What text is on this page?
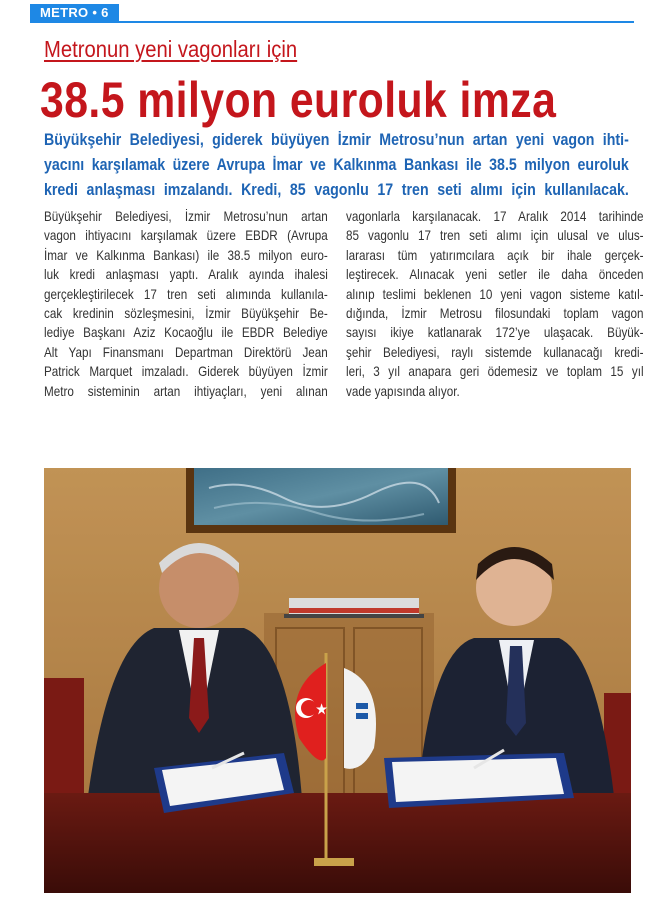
METRO • 6
Metronun yeni vagonları için
38.5 milyon euroluk imza
Büyükşehir Belediyesi, giderek büyüyen İzmir Metrosu’nun artan yeni vagon ihti-
yacını karşılamak üzere Avrupa İmar ve Kalkınma Bankası ile 38.5 milyon euroluk
kredi anlaşması imzalandı. Kredi, 85 vagonlu 17 tren seti alımı için kullanılacak.
Büyükşehir Belediyesi, İzmir Metrosu’nun artan
vagon ihtiyacını karşılamak üzere EBDR (Avrupa
İmar ve Kalkınma Bankası) ile 38.5 milyon euro-
luk kredi anlaşması yaptı. Aralık ayında ihalesi
gerçekleştirilecek 17 tren seti alımında kullanıla-
cak kredinin sözleşmesini, İzmir Büyükşehir Be-
lediye Başkanı Aziz Kocaoğlu ile EBDR Belediye
Alt Yapı Finansmanı Departman Direktörü Jean
Patrick Marquet imzaladı. Giderek büyüyen İzmir
Metro sisteminin artan ihtiyaçları, yeni alınan
vagonlarla karşılanacak. 17 Aralık 2014 tarihinde
85 vagonlu 17 tren seti alımı için ulusal ve ulus-
lararası tüm yatırımcılara açık bir ihale gerçek-
leştirecek. Alınacak yeni setler ile daha önceden
alınıp teslimi beklenen 10 yeni vagon sisteme katıl-
dığında, İzmir Metrosu filosundaki toplam vagon
sayısı ikiye katlanarak 172’ye ulaşacak. Büyük-
şehir Belediyesi, raylı sistemde kullanacağı kredi-
leri, 3 yıl anapara geri ödemesiz ve toplam 15 yıl
vade yapısında alıyor.
